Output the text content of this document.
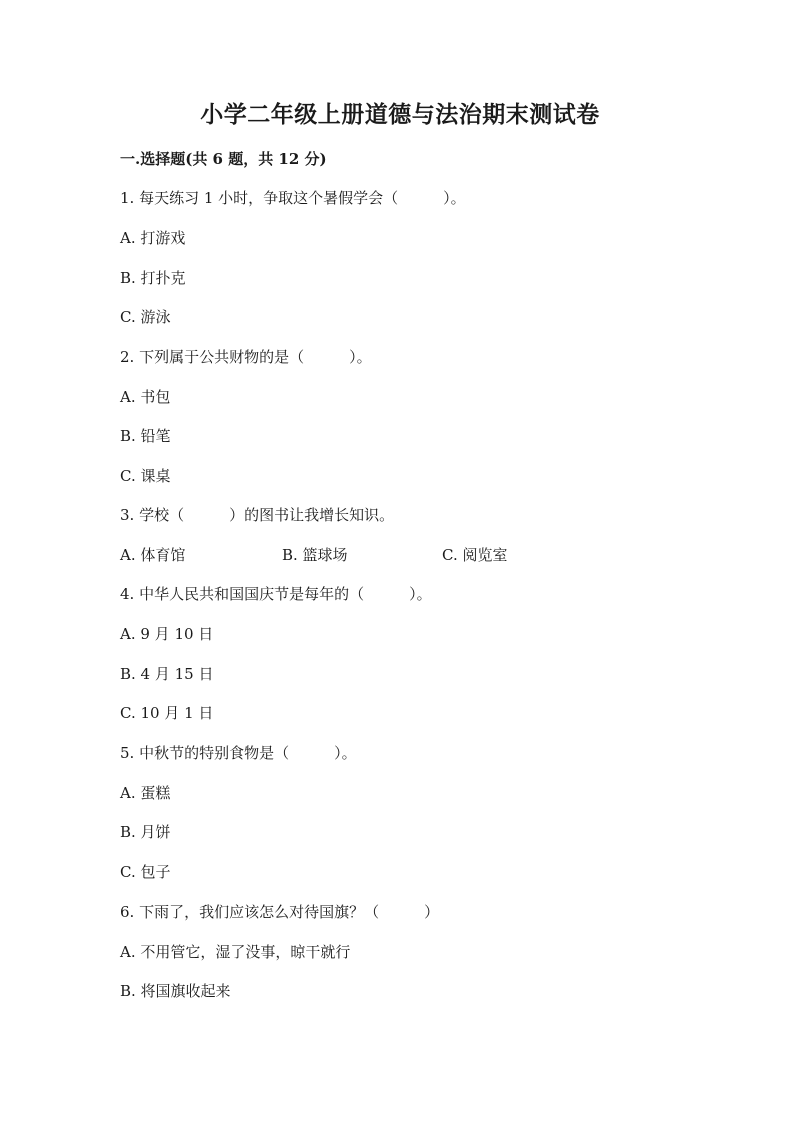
小学二年级上册道德与法治期末测试卷
一.选择题(共 6 题，共 12 分)
1. 每天练习 1 小时，争取这个暑假学会（　　　）。
A. 打游戏
B. 打扑克
C. 游泳
2. 下列属于公共财物的是（　　　）。
A. 书包
B. 铅笔
C. 课桌
3. 学校（　　　）的图书让我增长知识。

A. 体育馆

	B. 篮球场

	C. 阅览室

4. 中华人民共和国国庆节是每年的（　　　）。
A. 9 月 10 日
B. 4 月 15 日
C. 10 月 1 日
5. 中秋节的特别食物是（　　　）。
A. 蛋糕
B. 月饼
C. 包子
6. 下雨了，我们应该怎么对待国旗？（　　　）
A. 不用管它，湿了没事，晾干就行
B. 将国旗收起来
